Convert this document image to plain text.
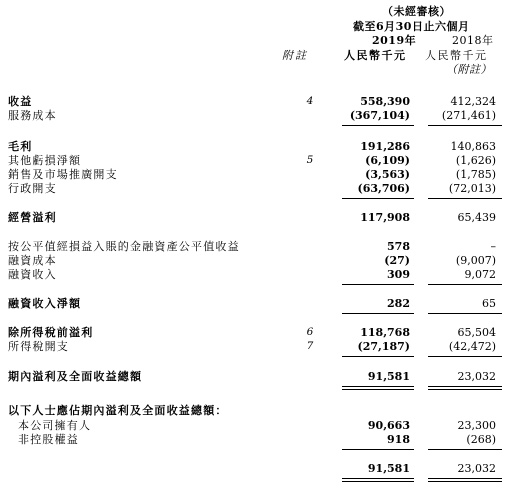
（未經審核）
截至6月30日止六個月
2019年	2018年
附註	人民幣千元 人民幣千元
（附註）
收益	4	558,390	412,324
服務成本	(367,104)	(271,461)
毛利	191,286	140,863
其他虧損淨額	5	(6,109)	(1,626)
銷售及市場推廣開支	(3,563)	(1,785)
行政開支	(63,706)	(72,013)
經營溢利	117,908	65,439
按公平值經損益入賬的金融資產公平值收益	578	–
融資成本	(27)	(9,007)
融資收入	309	9,072
融資收入淨額	282	65
除所得稅前溢利	6	118,768	65,504
所得稅開支	7	(27,187)	(42,472)
期內溢利及全面收益總額	91,581	23,032
以下人士應佔期內溢利及全面收益總額：
本公司擁有人	90,663	23,300
非控股權益	918	(268)
91,581	23,032
